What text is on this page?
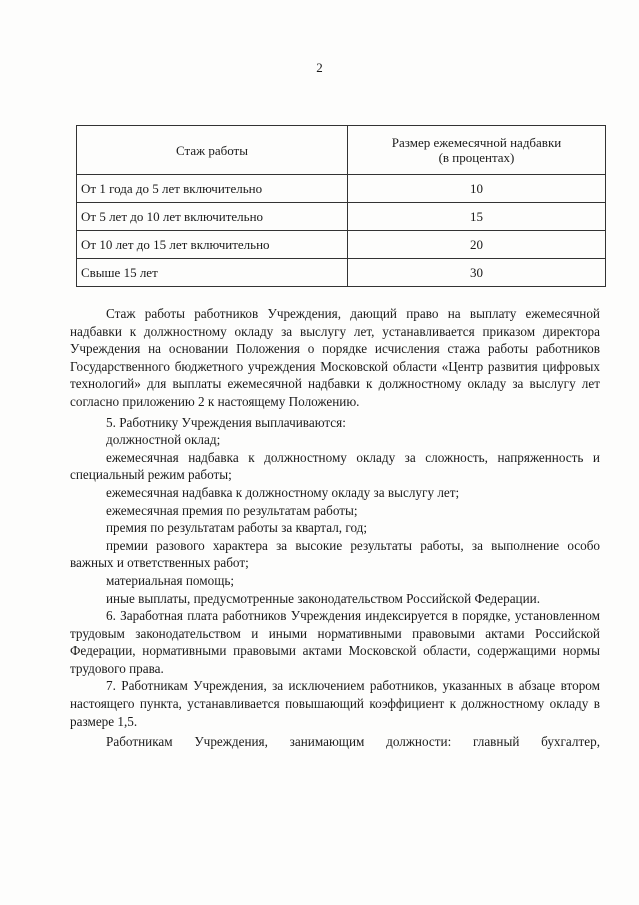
2
Стаж работы	Размер ежемесячной надбавки
(в процентах)
От 1 года до 5 лет включительно	10
От 5 лет до 10 лет включительно	15
От 10 лет до 15 лет включительно	20
Свыше 15 лет	30

Стаж работы работников Учреждения, дающий право на выплату ежемесячной надбавки к должностному окладу за выслугу лет, устанавливается приказом директора Учреждения на основании Положения о порядке исчисления стажа работы работников Государственного бюджетного учреждения Московской области «Центр развития цифровых технологий» для выплаты ежемесячной надбавки к должностному окладу за выслугу лет согласно приложению 2 к настоящему Положению.

5. Работнику Учреждения выплачиваются:

должностной оклад;

ежемесячная надбавка к должностному окладу за сложность, напряженность и специальный режим работы;

ежемесячная надбавка к должностному окладу за выслугу лет;

ежемесячная премия по результатам работы;

премия по результатам работы за квартал, год;

премии разового характера за высокие результаты работы, за выполнение особо важных и ответственных работ;

материальная помощь;

иные выплаты, предусмотренные законодательством Российской Федерации.

6. Заработная плата работников Учреждения индексируется в порядке, установленном трудовым законодательством и иными нормативными правовыми актами Российской Федерации, нормативными правовыми актами Московской области, содержащими нормы трудового права.

7. Работникам Учреждения, за исключением работников, указанных в абзаце втором настоящего пункта, устанавливается повышающий коэффициент к должностному окладу в размере 1,5.

Работникам Учреждения, занимающим должности: главный бухгалтер,
